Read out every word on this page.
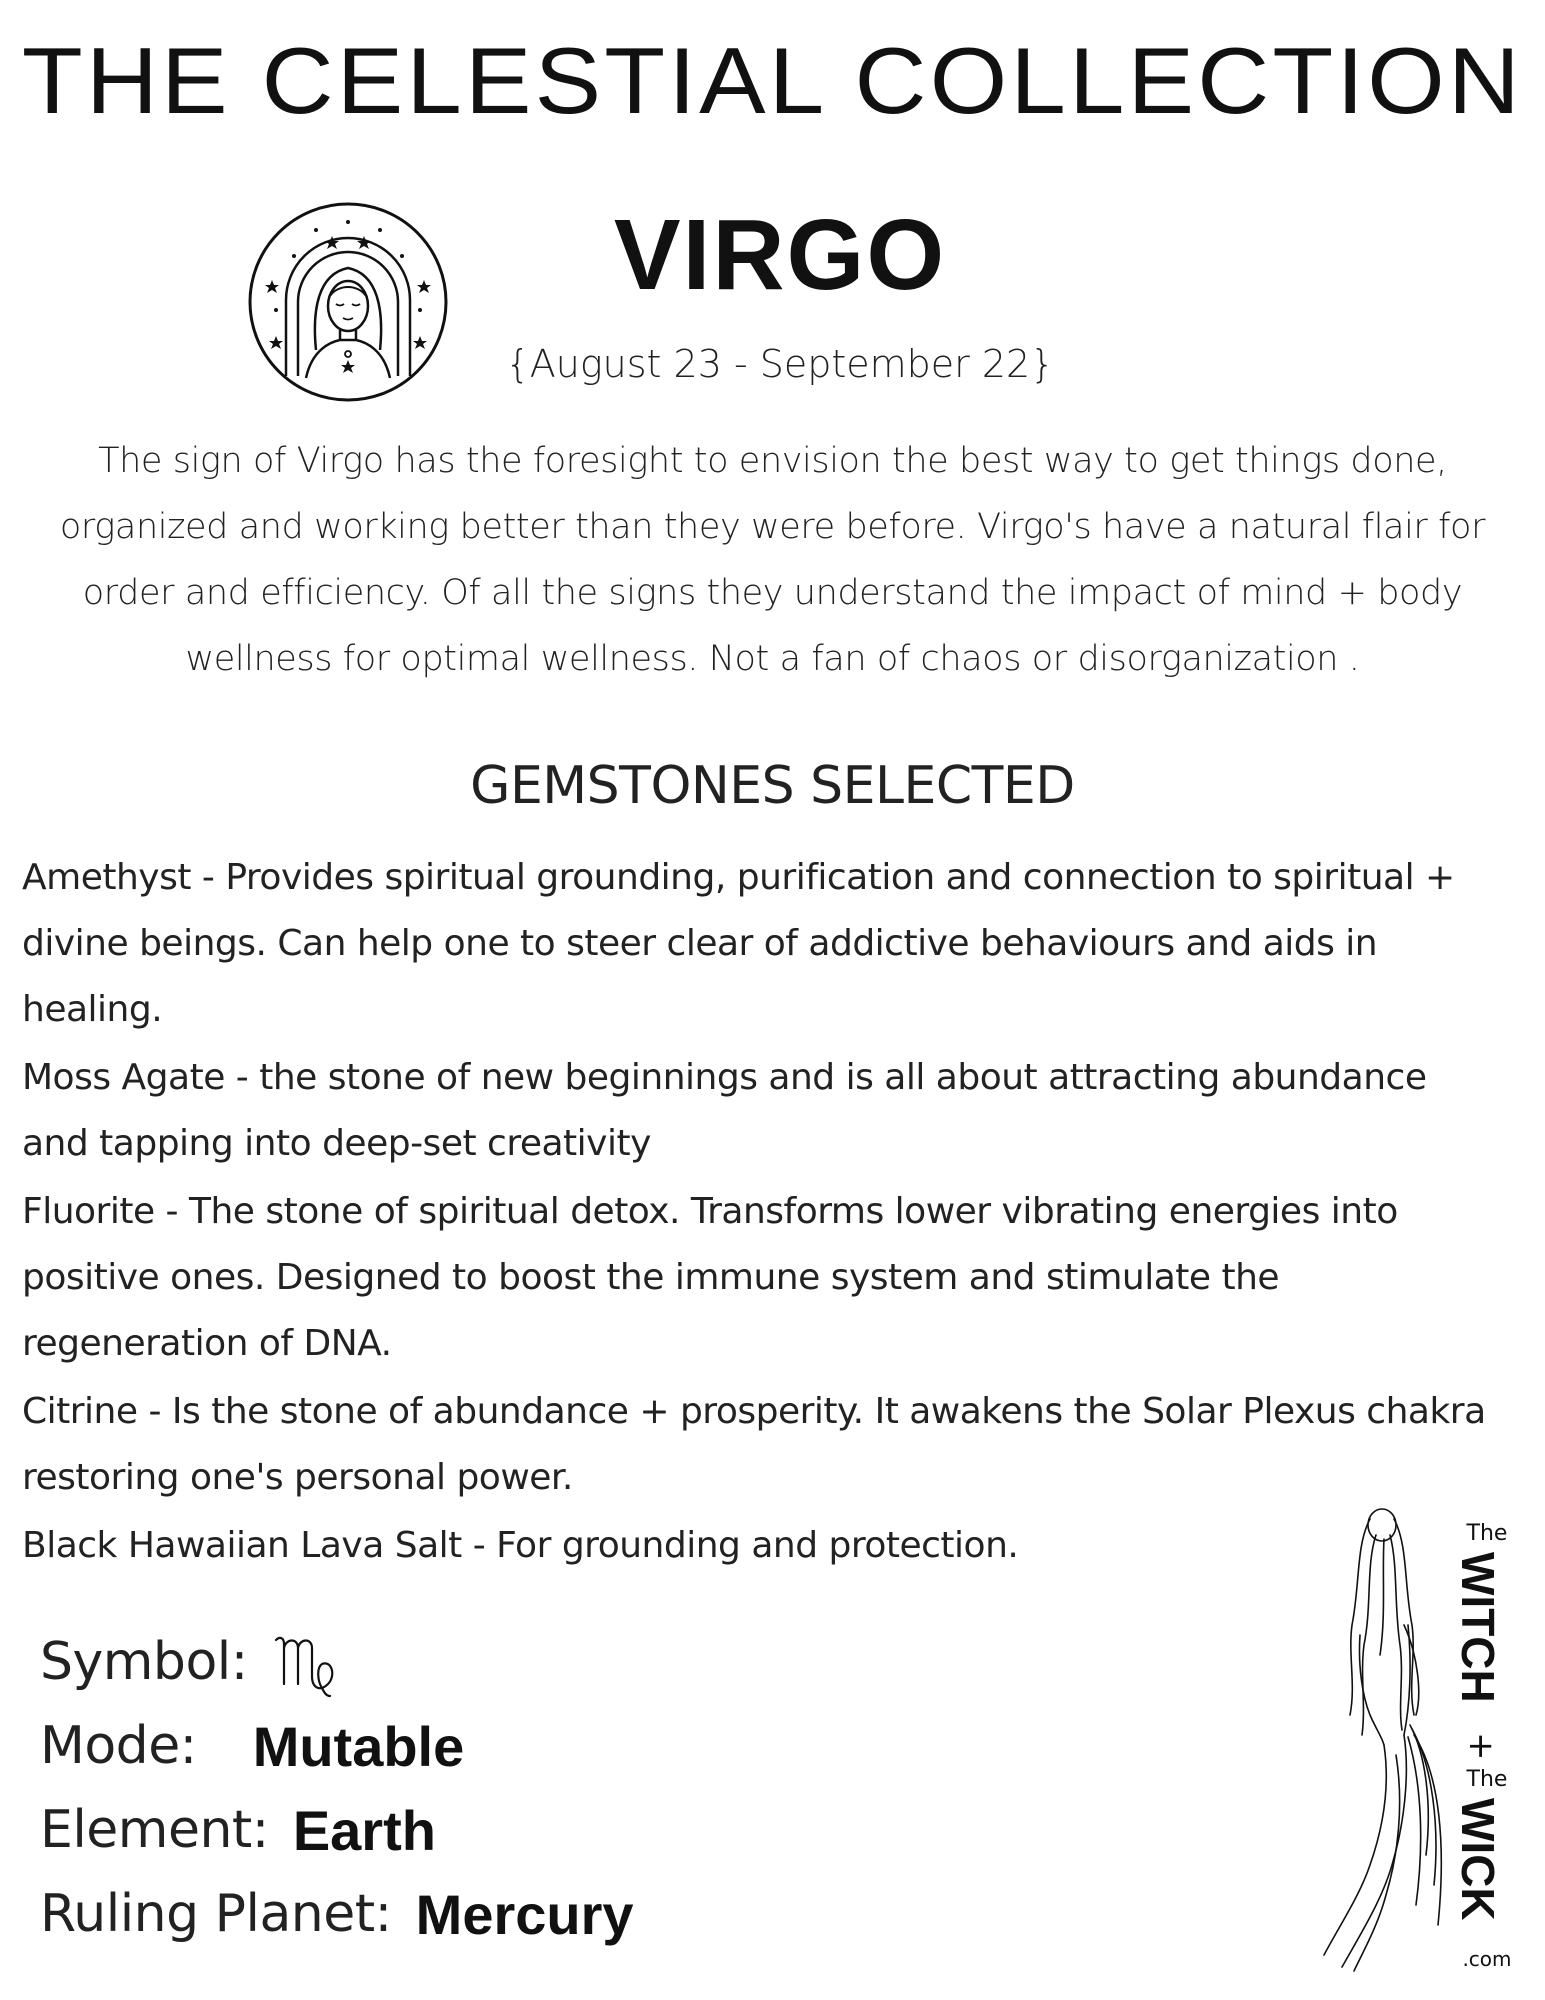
THE CELESTIAL COLLECTION
VIRGO
{August 23 - September 22}
The sign of Virgo has the foresight to envision the best way to get things done, organized and working better than they were before. Virgo's have a natural flair for order and efficiency. Of all the signs they understand the impact of mind + body wellness for optimal wellness. Not a fan of chaos or disorganization .
GEMSTONES SELECTED
Amethyst - Provides spiritual grounding, purification and connection to spiritual + divine beings. Can help one to steer clear of addictive behaviours and aids in healing.
Moss Agate - the stone of new beginnings and is all about attracting abundance and tapping into deep-set creativity
Fluorite - The stone of spiritual detox. Transforms lower vibrating energies into positive ones. Designed to boost the immune system and stimulate the regeneration of DNA.
Citrine - Is the stone of abundance + prosperity. It awakens the Solar Plexus chakra restoring one's personal power.
Black Hawaiian Lava Salt - For grounding and protection.
Symbol:
Mode: Mutable
Element: Earth
Ruling Planet: Mercury
The
WITCH
+
The
WICK
.com
